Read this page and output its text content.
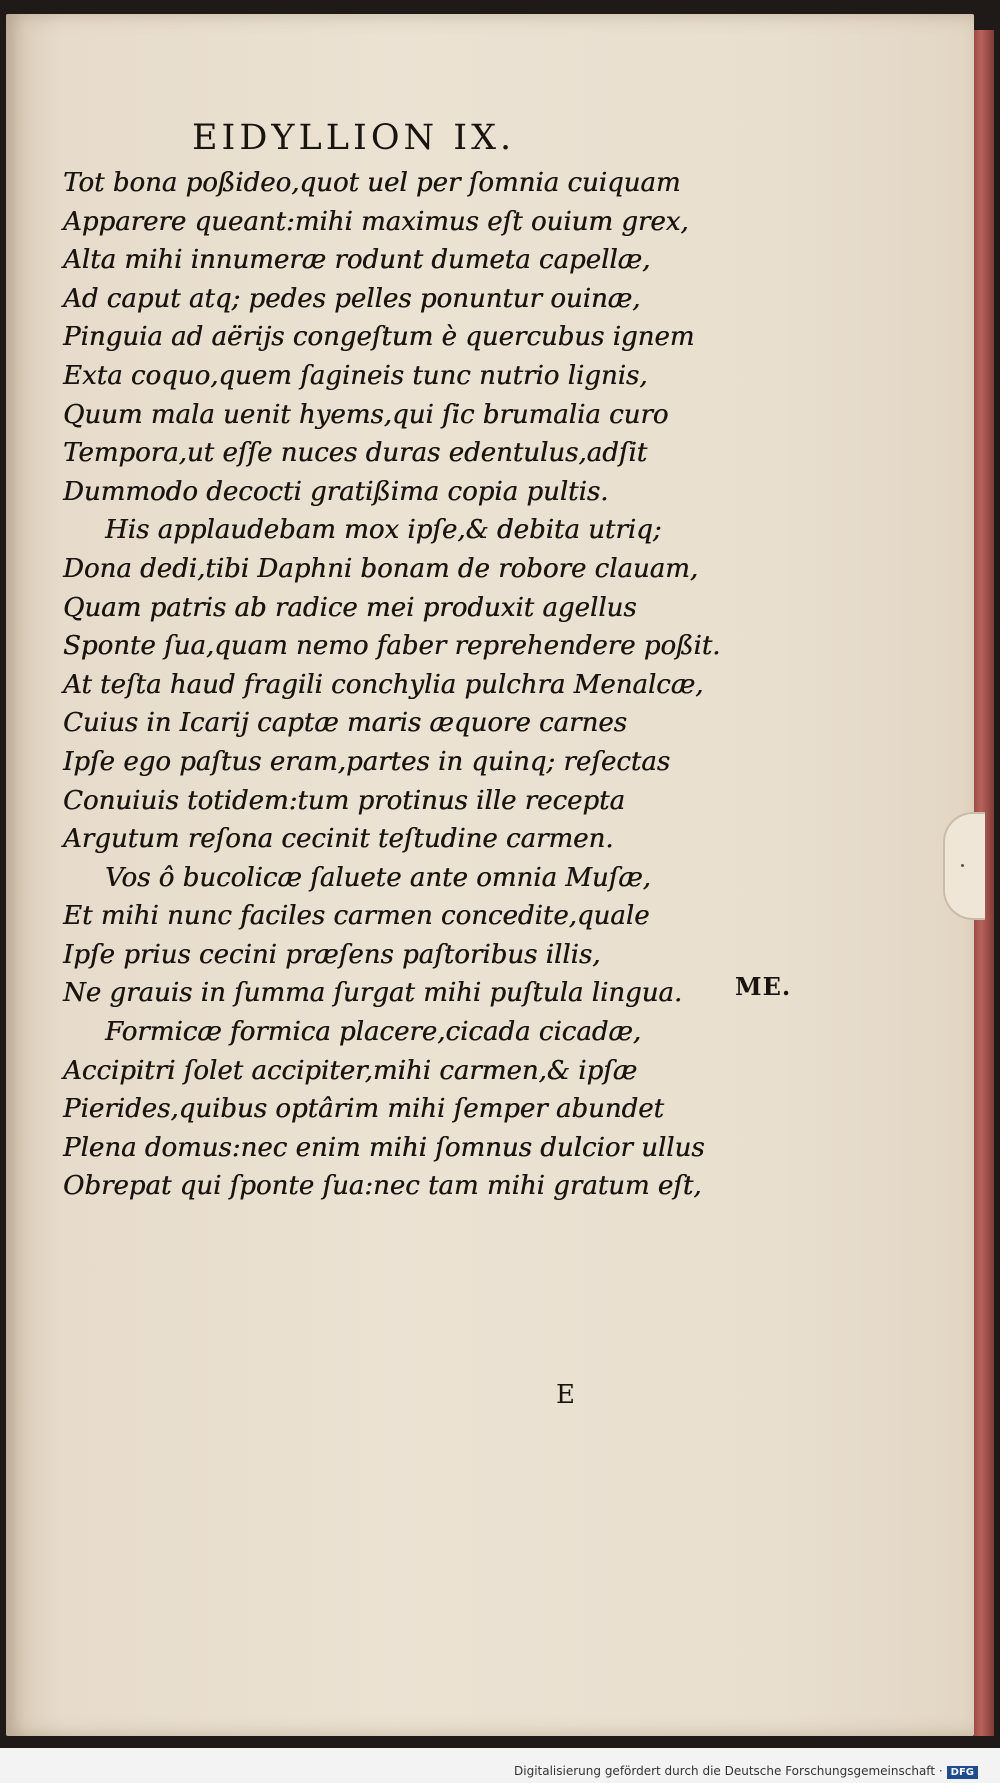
EIDYLLION IX.
Tot bona poßideo,quot uel per ſomnia cuiquam
Apparere queant:mihi maximus eſt ouium grex,
Alta mihi innumeræ rodunt dumeta capellæ,
Ad caput atq; pedes pelles ponuntur ouinæ,
Pinguia ad aërijs congeſtum è quercubus ignem
Exta coquo,quem ſagineis tunc nutrio lignis,
Quum mala uenit hyems,qui ſic brumalia curo
Tempora,ut eſſe nuces duras edentulus,adſit
Dummodo decocti gratißima copia pultis.
His applaudebam mox ipſe,& debita utriq;
Dona dedi,tibi Daphni bonam de robore clauam,
Quam patris ab radice mei produxit agellus
Sponte ſua,quam nemo faber reprehendere poßit.
At teſta haud fragili conchylia pulchra Menalcæ,
Cuius in Icarij captæ maris æquore carnes
Ipſe ego paſtus eram,partes in quinq; reſectas
Conuiuis totidem:tum protinus ille recepta
Argutum reſona cecinit teſtudine carmen.
Vos ô bucolicæ ſaluete ante omnia Muſæ,
Et mihi nunc faciles carmen concedite,quale
Ipſe prius cecini præſens paſtoribus illis,
Ne grauis in ſumma ſurgat mihi puſtula lingua.
Formicæ formica placere,cicada cicadæ,
Accipitri ſolet accipiter,mihi carmen,& ipſæ
Pierides,quibus optârim mihi ſemper abundet
Plena domus:nec enim mihi ſomnus dulcior ullus
Obrepat qui ſponte ſua:nec tam mihi gratum eſt,
ME.
E
Digitalisierung gefördert durch die Deutsche Forschungsgemeinschaft · DFG
